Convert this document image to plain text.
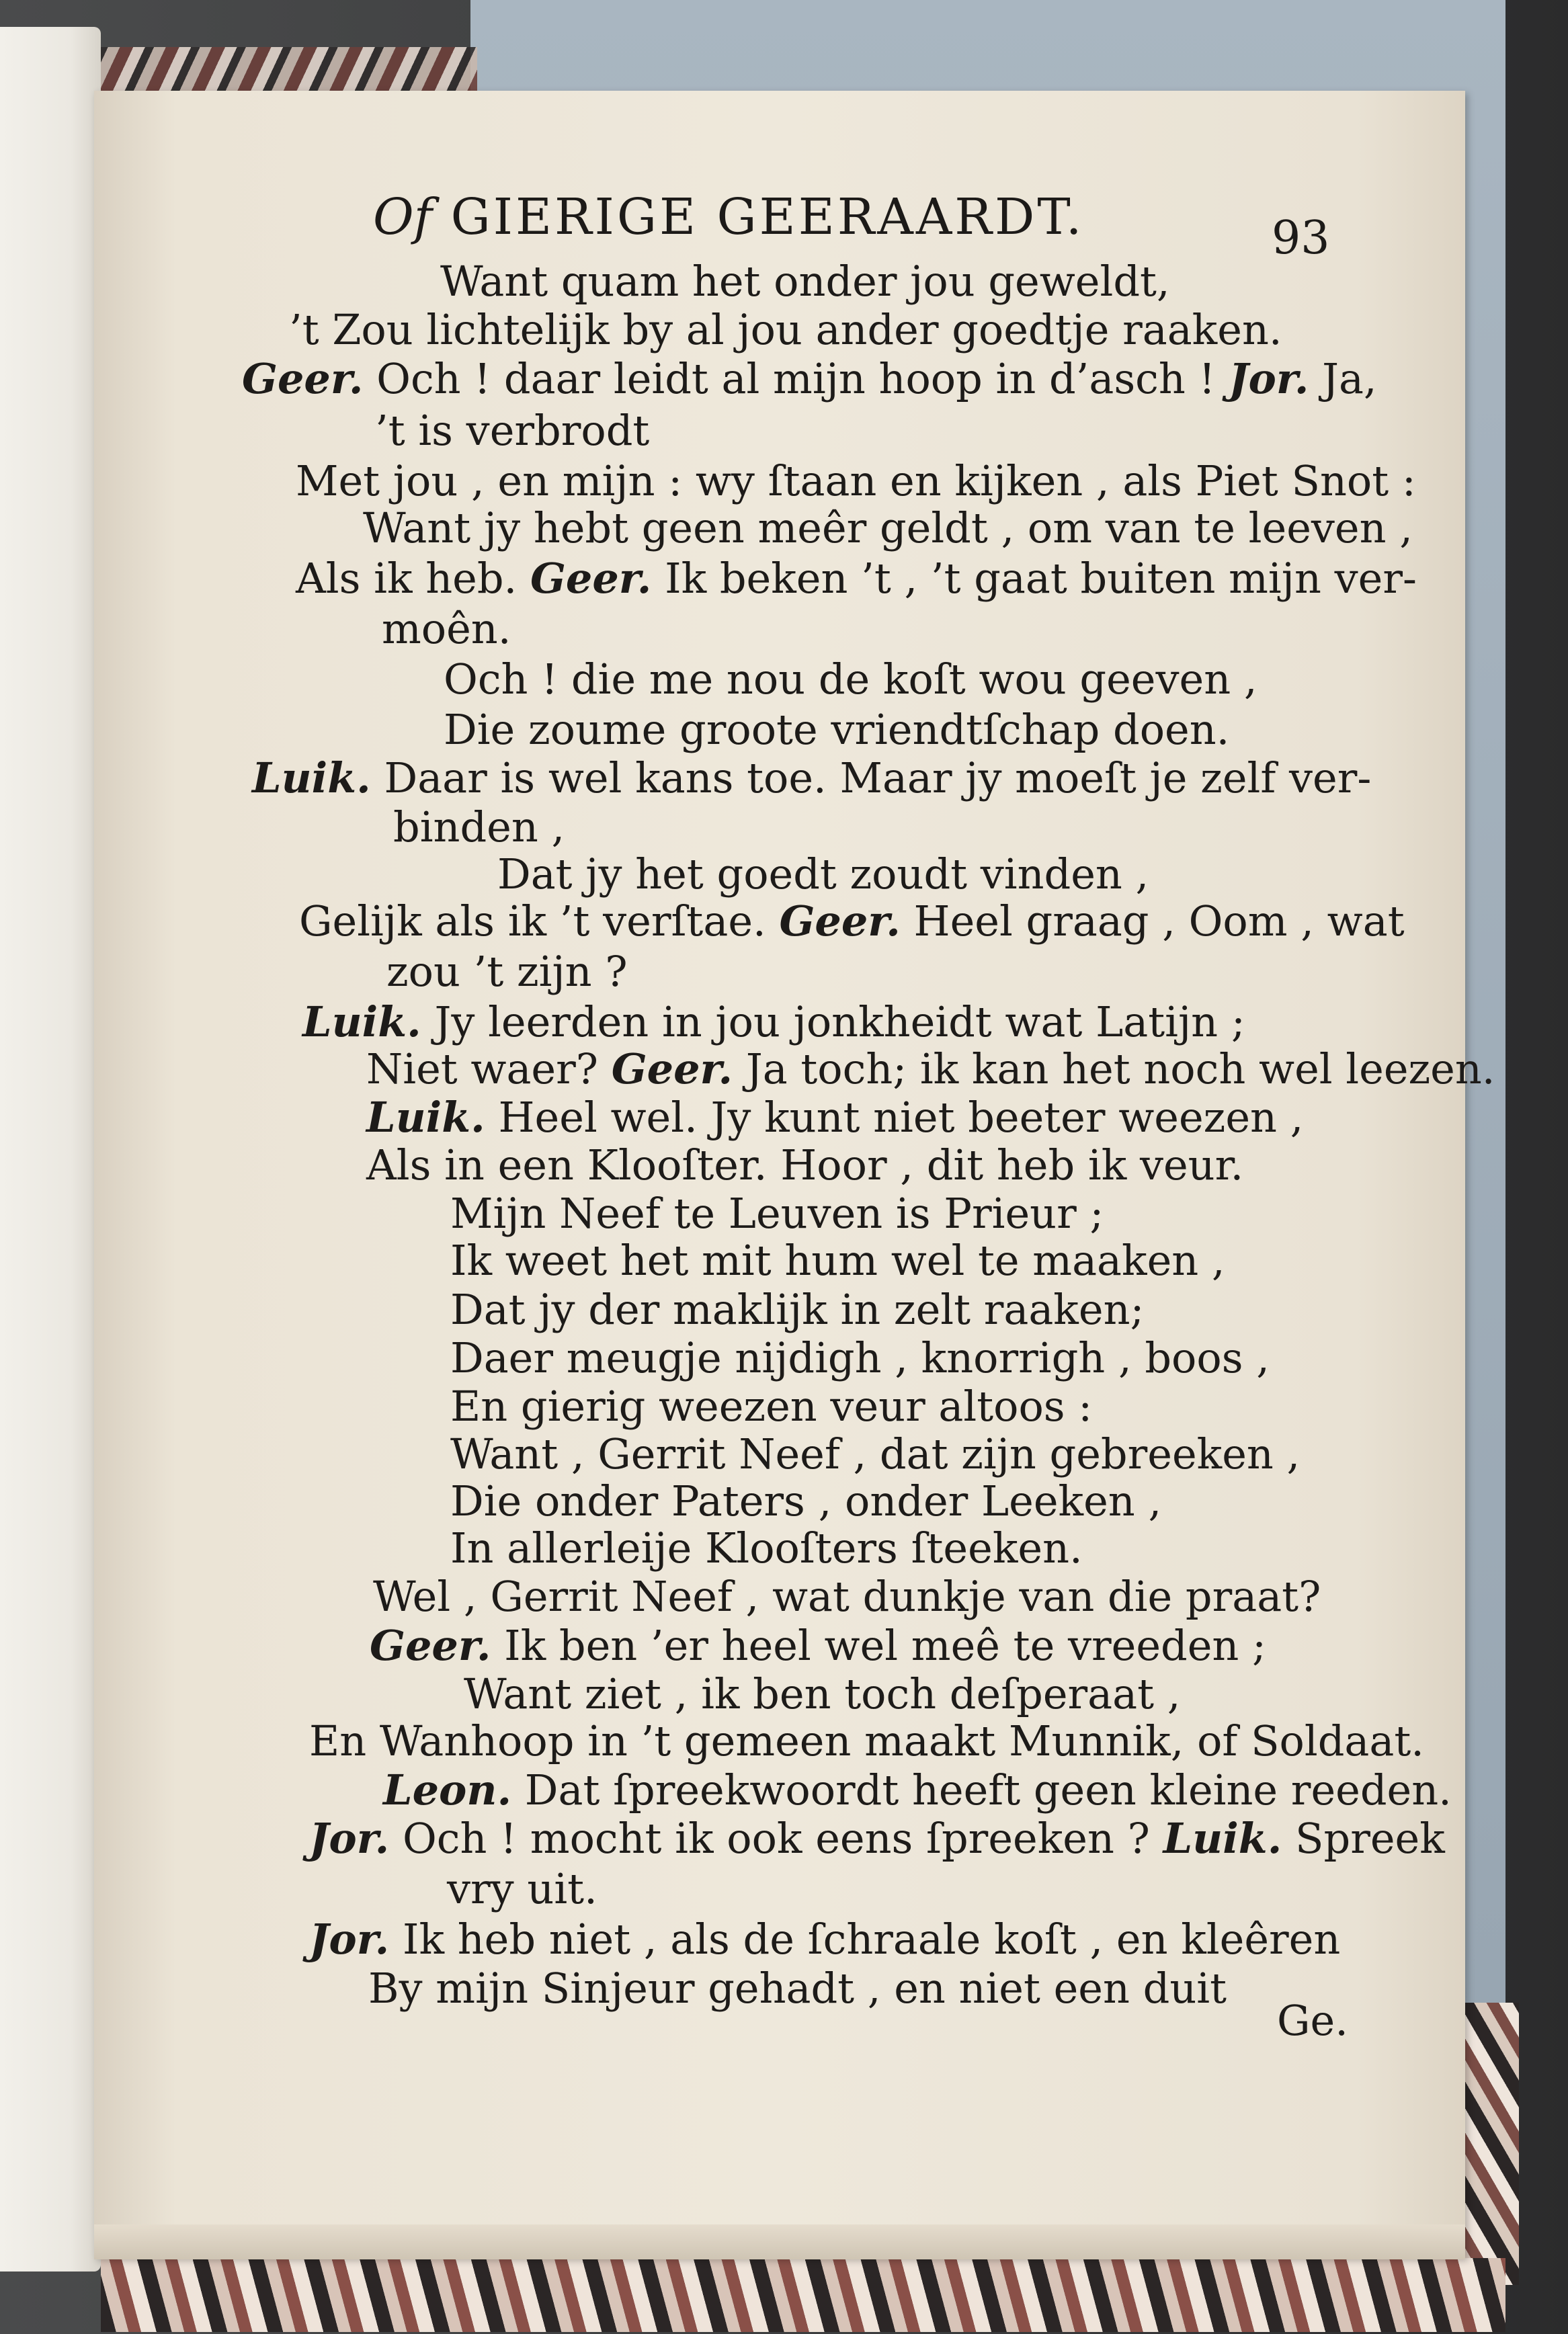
Of GIERIGE GEERAARDT.	93
Want quam het onder jou geweldt,
’t Zou lichtelijk by al jou ander goedtje raaken.
Geer. Och ! daar leidt al mijn hoop in d’asch ! Jor. Ja,
’t is verbrodt
Met jou , en mijn : wy ſtaan en kijken , als Piet Snot :
Want jy hebt geen meêr geldt , om van te leeven ,
Als ik heb. Geer. Ik beken ’t , ’t gaat buiten mijn ver-
moên.
Och ! die me nou de koſt wou geeven ,
Die zoume groote vriendtſchap doen.
Luik. Daar is wel kans toe. Maar jy moeſt je zelf ver-
binden ,
Dat jy het goedt zoudt vinden ,
Gelijk als ik ’t verſtae. Geer. Heel graag , Oom , wat
zou ’t zijn ?
Luik. Jy leerden in jou jonkheidt wat Latijn ;
Niet waer? Geer. Ja toch; ik kan het noch wel leezen.
Luik. Heel wel. Jy kunt niet beeter weezen ,
Als in een Klooſter. Hoor , dit heb ik veur.
Mijn Neef te Leuven is Prieur ;
Ik weet het mit hum wel te maaken ,
Dat jy der maklijk in zelt raaken;
Daer meugje nijdigh , knorrigh , boos ,
En gierig weezen veur altoos :
Want , Gerrit Neef , dat zijn gebreeken ,
Die onder Paters , onder Leeken ,
In allerleije Klooſters ſteeken.
Wel , Gerrit Neef , wat dunkje van die praat?
Geer. Ik ben ’er heel wel meê te vreeden ;
Want ziet , ik ben toch deſperaat ,
En Wanhoop in ’t gemeen maakt Munnik, of Soldaat.
Leon. Dat ſpreekwoordt heeft geen kleine reeden.
Jor. Och ! mocht ik ook eens ſpreeken ? Luik. Spreek
vry uit.
Jor. Ik heb niet , als de ſchraale koſt , en kleêren
By mijn Sinjeur gehadt , en niet een duit
Ge.
